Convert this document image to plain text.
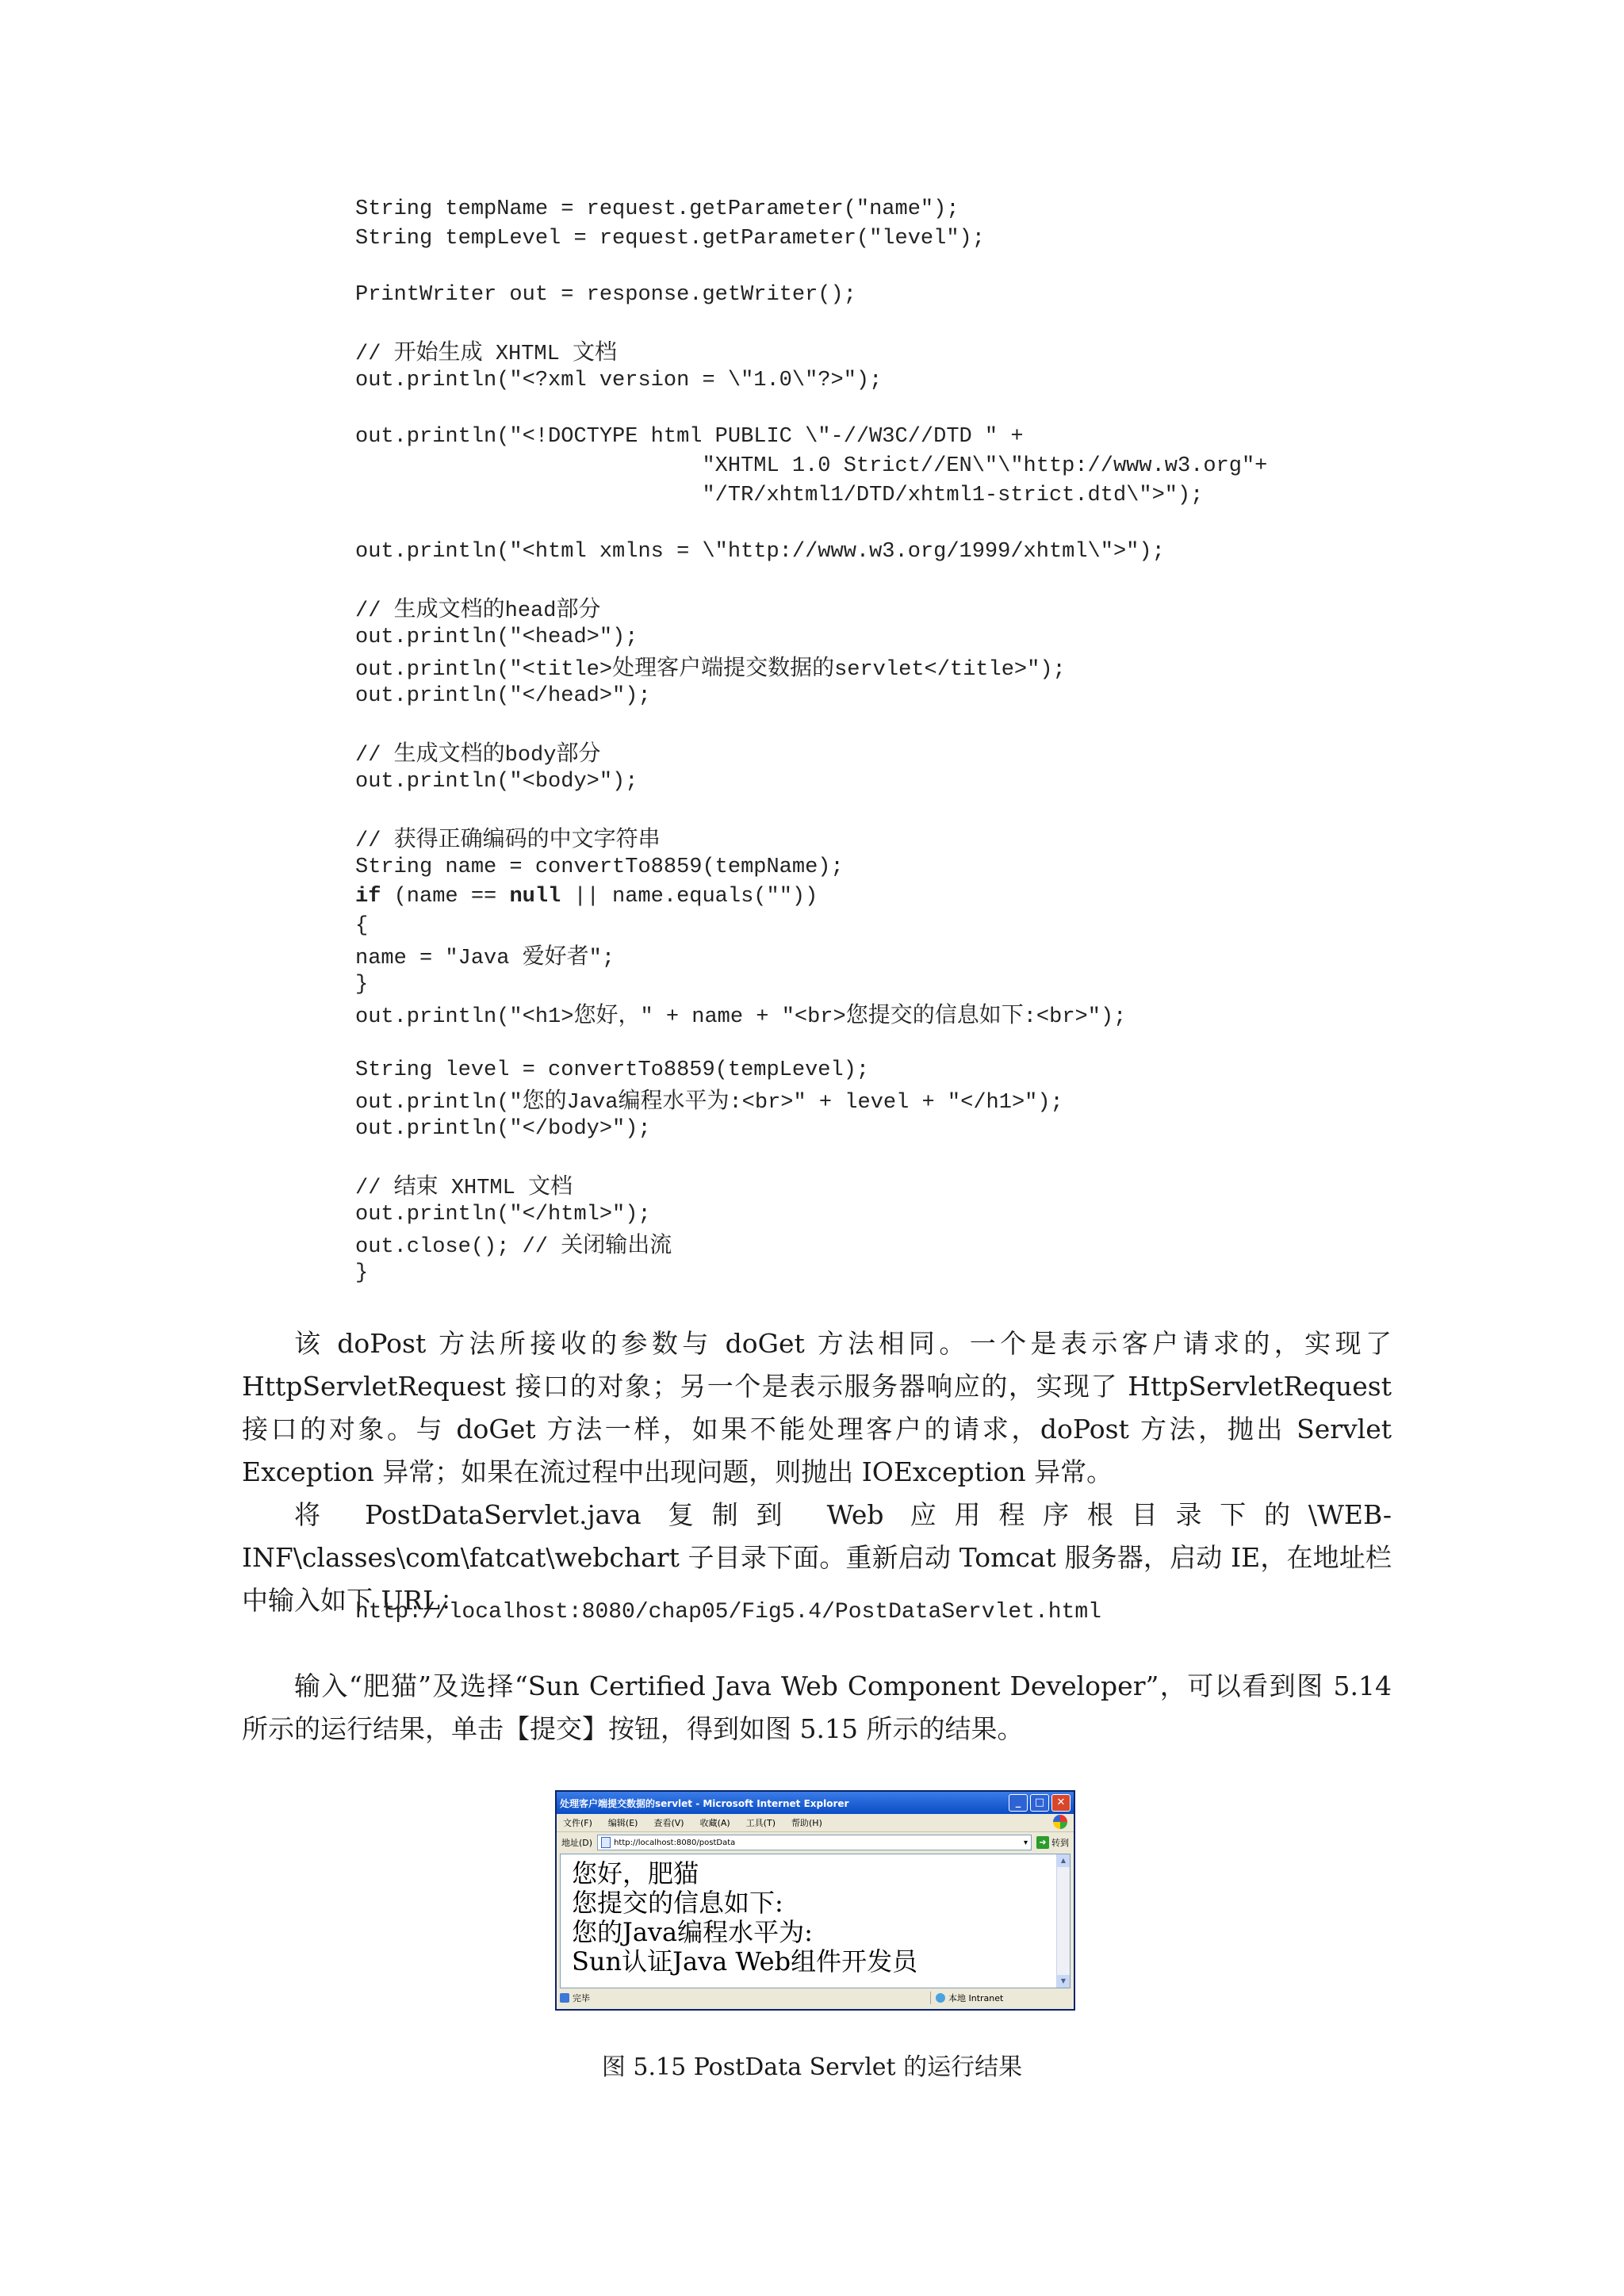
String tempName = request.getParameter("name");
String tempLevel = request.getParameter("level");
PrintWriter out = response.getWriter();
// 开始生成 XHTML 文档
out.println("<?xml version = \"1.0\"?>");
out.println("<!DOCTYPE html PUBLIC \"-//W3C//DTD " +
"XHTML 1.0 Strict//EN\"\"http://www.w3.org"+
"/TR/xhtml1/DTD/xhtml1-strict.dtd\">");
out.println("<html xmlns = \"http://www.w3.org/1999/xhtml\">");
// 生成文档的head部分
out.println("<head>");
out.println("<title>处理客户端提交数据的servlet</title>");
out.println("</head>");
// 生成文档的body部分
out.println("<body>");
// 获得正确编码的中文字符串
String name = convertTo8859(tempName);
if (name == null || name.equals(""))
{
name = "Java 爱好者";
}
out.println("<h1>您好，" + name + "<br>您提交的信息如下:<br>");
String level = convertTo8859(tempLevel);
out.println("您的Java编程水平为:<br>" + level + "</h1>");
out.println("</body>");
// 结束 XHTML 文档
out.println("</html>");
out.close(); // 关闭输出流
}

该 doPost 方法所接收的参数与 doGet 方法相同。一个是表示客户请求的，实现了 HttpServletRequest 接口的对象；另一个是表示服务器响应的，实现了 HttpServletRequest 接口的对象。与 doGet 方法一样，如果不能处理客户的请求，doPost 方法，抛出 Servlet Exception 异常；如果在流过程中出现问题，则抛出 IOException 异常。

将 PostDataServlet.java 复制到 Web 应用程序根目录下的\WEB-INF\classes\com\fatcat\webchart 子目录下面。重新启动 Tomcat 服务器，启动 IE，在地址栏中输入如下 URL：

http://localhost:8080/chap05/Fig5.4/PostDataServlet.html

输入“肥猫”及选择“Sun Certified Java Web Component Developer”，可以看到图 5.14 所示的运行结果，单击【提交】按钮，得到如图 5.15 所示的结果。

处理客户端提交数据的servlet - Microsoft Internet Explorer	_	□	✕
文件(F) 编辑(E) 查看(V) 收藏(A) 工具(T) 帮助(H)
地址(D)	http://localhost:8080/postData	▾	➜ 转到
您好，肥猫
您提交的信息如下:
您的Java编程水平为:
Sun认证Java Web组件开发员
▲
▼
完毕	本地 Intranet
图 5.15 PostData Servlet 的运行结果
